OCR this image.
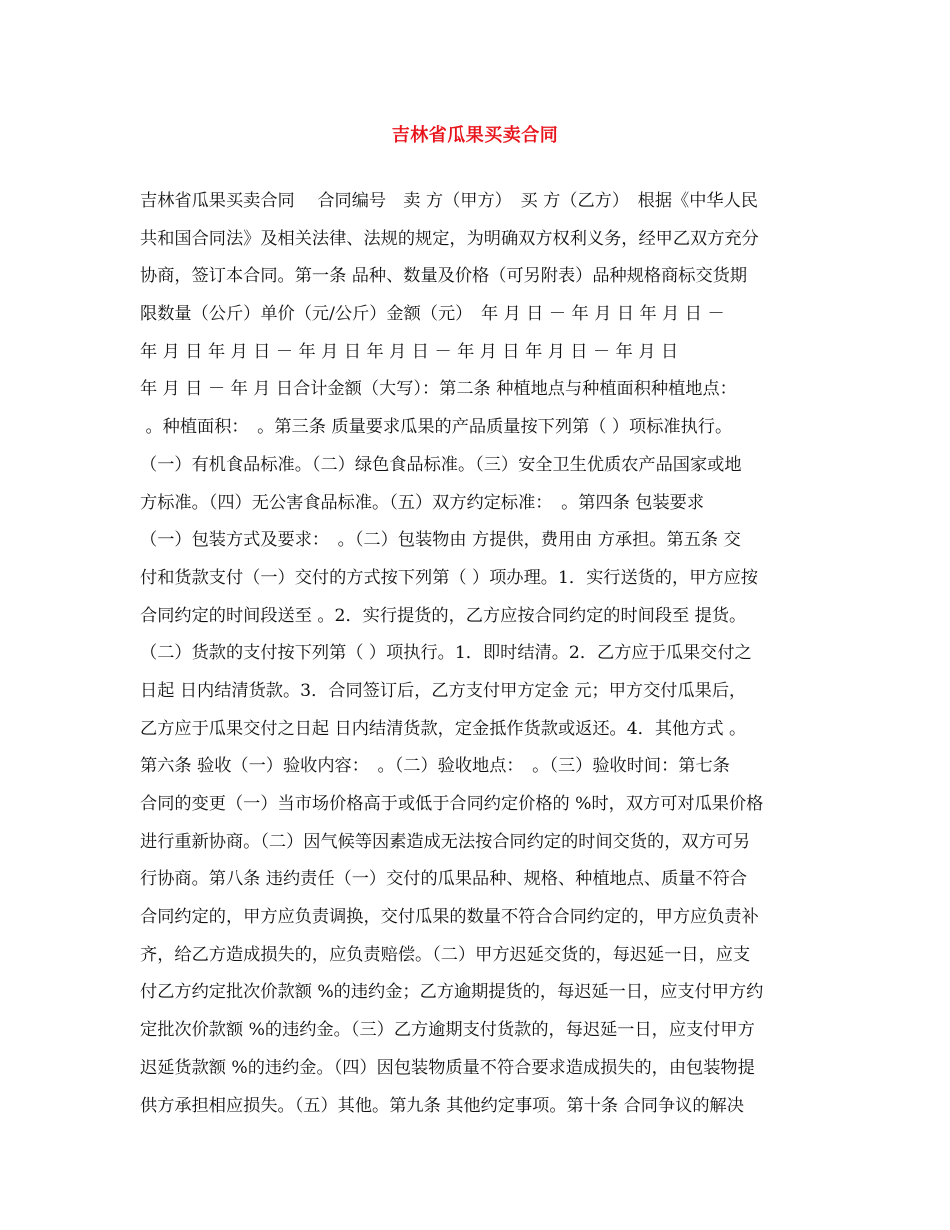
吉林省瓜果买卖合同
吉林省瓜果买卖合同　 合同编号　卖 方（甲方）　买 方（乙方）　根据《中华人民
共和国合同法》及相关法律、法规的规定，为明确双方权利义务，经甲乙双方充分
协商，签订本合同。第一条 品种、数量及价格（可另附表）品种规格商标交货期
限数量（公斤）单价（元/公斤）金额（元）　年 月 日 － 年 月 日 年 月 日 －
年 月 日 年 月 日 － 年 月 日 年 月 日 － 年 月 日 年 月 日 － 年 月 日
年 月 日 － 年 月 日合计金额（大写）：第二条 种植地点与种植面积种植地点：
。种植面积：　。第三条 质量要求瓜果的产品质量按下列第（ ）项标准执行。
（一）有机食品标准。（二）绿色食品标准。（三）安全卫生优质农产品国家或地
方标准。（四）无公害食品标准。（五）双方约定标准：　。第四条 包装要求
（一）包装方式及要求：　。（二）包装物由 方提供，费用由 方承担。第五条 交
付和货款支付（一）交付的方式按下列第（ ）项办理。1．实行送货的，甲方应按
合同约定的时间段送至 。2．实行提货的，乙方应按合同约定的时间段至 提货。
（二）货款的支付按下列第（ ）项执行。1．即时结清。2．乙方应于瓜果交付之
日起 日内结清货款。3．合同签订后，乙方支付甲方定金 元；甲方交付瓜果后，
乙方应于瓜果交付之日起 日内结清货款，定金抵作货款或返还。4．其他方式 。
第六条 验收（一）验收内容：　。（二）验收地点：　。（三）验收时间：第七条
合同的变更（一）当市场价格高于或低于合同约定价格的 %时，双方可对瓜果价格
进行重新协商。（二）因气候等因素造成无法按合同约定的时间交货的，双方可另
行协商。第八条 违约责任（一）交付的瓜果品种、规格、种植地点、质量不符合
合同约定的，甲方应负责调换，交付瓜果的数量不符合合同约定的，甲方应负责补
齐，给乙方造成损失的，应负责赔偿。（二）甲方迟延交货的，每迟延一日，应支
付乙方约定批次价款额 %的违约金；乙方逾期提货的，每迟延一日，应支付甲方约
定批次价款额 %的违约金。（三）乙方逾期支付货款的，每迟延一日，应支付甲方
迟延货款额 %的违约金。（四）因包装物质量不符合要求造成损失的，由包装物提
供方承担相应损失。（五）其他。第九条 其他约定事项。第十条 合同争议的解决
